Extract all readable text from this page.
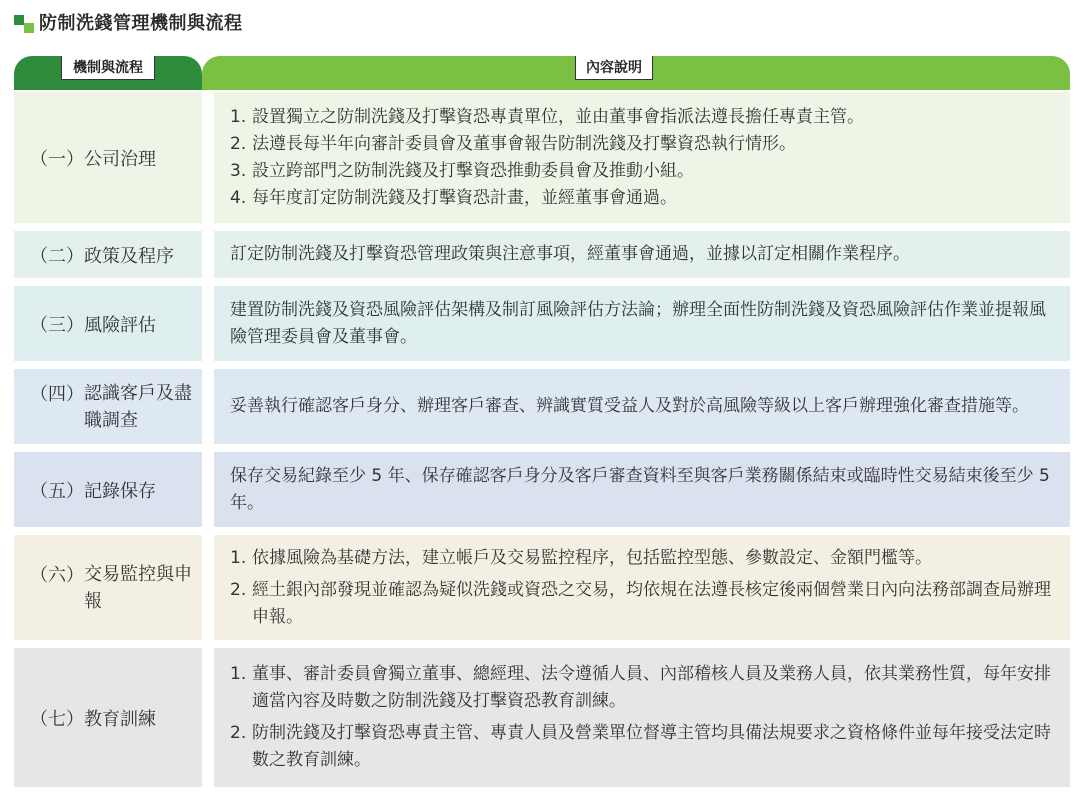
防制洗錢管理機制與流程
機制與流程	內容說明
（一） 公司治理
（二） 政策及程序
（三） 風險評估
（四） 認識客戶及盡職調查
（五） 記錄保存
（六） 交易監控與申報
（七） 教育訓練
1. 設置獨立之防制洗錢及打擊資恐專責單位，並由董事會指派法遵長擔任專責主管。
2. 法遵長每半年向審計委員會及董事會報告防制洗錢及打擊資恐執行情形。
3. 設立跨部門之防制洗錢及打擊資恐推動委員會及推動小組。
4. 每年度訂定防制洗錢及打擊資恐計畫，並經董事會通過。
訂定防制洗錢及打擊資恐管理政策與注意事項，經董事會通過，並據以訂定相關作業程序。
建置防制洗錢及資恐風險評估架構及制訂風險評估方法論；辦理全面性防制洗錢及資恐風險評估作業並提報風險管理委員會及董事會。
妥善執行確認客戶身分、辦理客戶審查、辨識實質受益人及對於高風險等級以上客戶辦理強化審查措施等。
保存交易紀錄至少 5 年、保存確認客戶身分及客戶審查資料至與客戶業務關係結束或臨時性交易結束後至少 5 年。
1. 依據風險為基礎方法，建立帳戶及交易監控程序，包括監控型態、參數設定、金額門檻等。
2. 經土銀內部發現並確認為疑似洗錢或資恐之交易，均依規在法遵長核定後兩個營業日內向法務部調查局辦理申報。
1. 董事、審計委員會獨立董事、總經理、法令遵循人員、內部稽核人員及業務人員，依其業務性質，每年安排適當內容及時數之防制洗錢及打擊資恐教育訓練。
2. 防制洗錢及打擊資恐專責主管、專責人員及營業單位督導主管均具備法規要求之資格條件並每年接受法定時數之教育訓練。
